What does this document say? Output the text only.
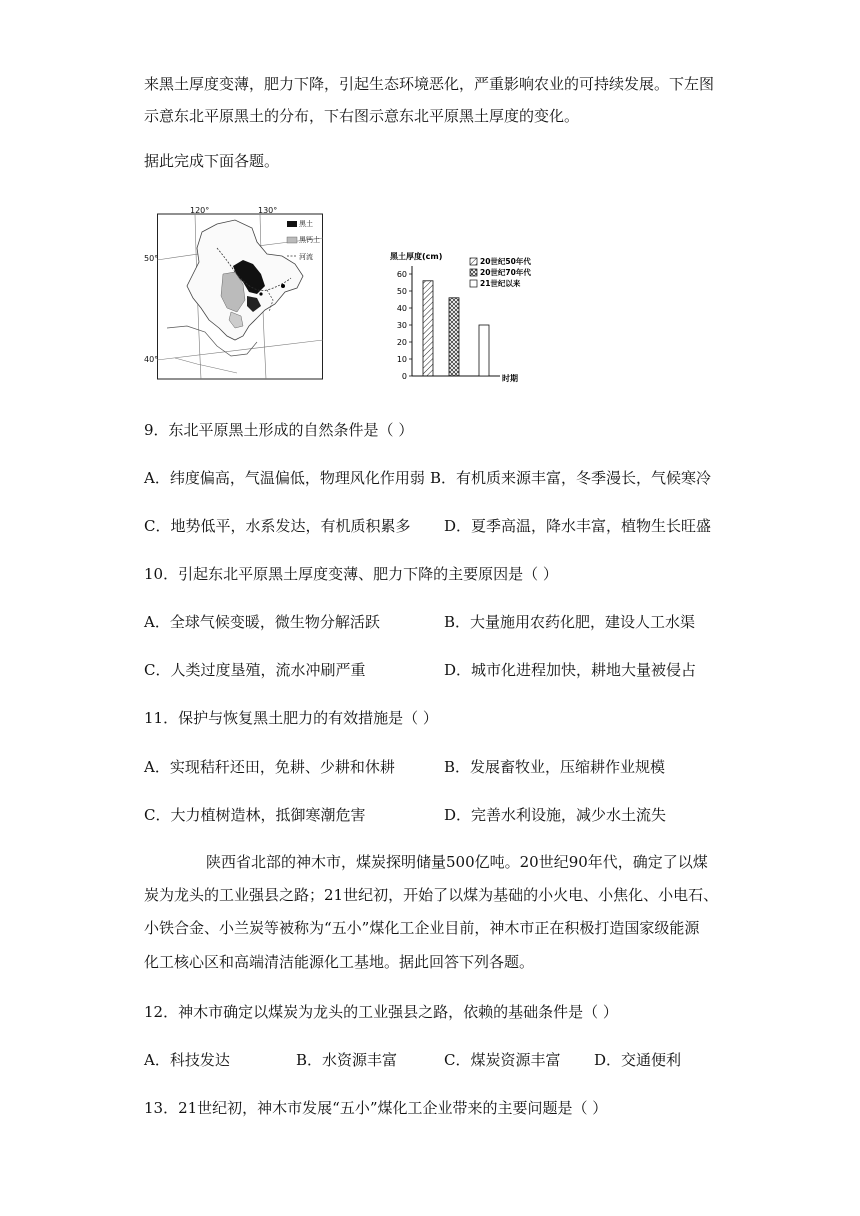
来黑土厚度变薄，肥力下降，引起生态环境恶化，严重影响农业的可持续发展。下左图
示意东北平原黑土的分布，下右图示意东北平原黑土厚度的变化。
据此完成下面各题。
120°	130°
50°
40°
黑土
黑钙土
河流	黑土厚度(cm)
时期
60
50
40
30
20
10
0
20世纪50年代
20世纪70年代
21世纪以来
9．东北平原黑土形成的自然条件是（ ）
A．纬度偏高，气温偏低，物理风化作用弱 B．有机质来源丰富，冬季漫长，气候寒冷
C．地势低平，水系发达，有机质积累多 D．夏季高温，降水丰富，植物生长旺盛
10．引起东北平原黑土厚度变薄、肥力下降的主要原因是（ ）
A．全球气候变暖，微生物分解活跃	B．大量施用农药化肥，建设人工水渠
C．人类过度垦殖，流水冲刷严重	D．城市化进程加快，耕地大量被侵占
11．保护与恢复黑土肥力的有效措施是（ ）
A．实现秸秆还田，免耕、少耕和休耕	B．发展畜牧业，压缩耕作业规模
C．大力植树造林，抵御寒潮危害	D．完善水利设施，减少水土流失
陕西省北部的神木市，煤炭探明储量500亿吨。20世纪90年代，确定了以煤
炭为龙头的工业强县之路；21世纪初，开始了以煤为基础的小火电、小焦化、小电石、
小铁合金、小兰炭等被称为“五小”煤化工企业目前，神木市正在积极打造国家级能源
化工核心区和高端清洁能源化工基地。据此回答下列各题。
12．神木市确定以煤炭为龙头的工业强县之路，依赖的基础条件是（ ）
A．科技发达	B．水资源丰富	C．煤炭资源丰富 D．交通便利
13．21世纪初，神木市发展“五小”煤化工企业带来的主要问题是（ ）
